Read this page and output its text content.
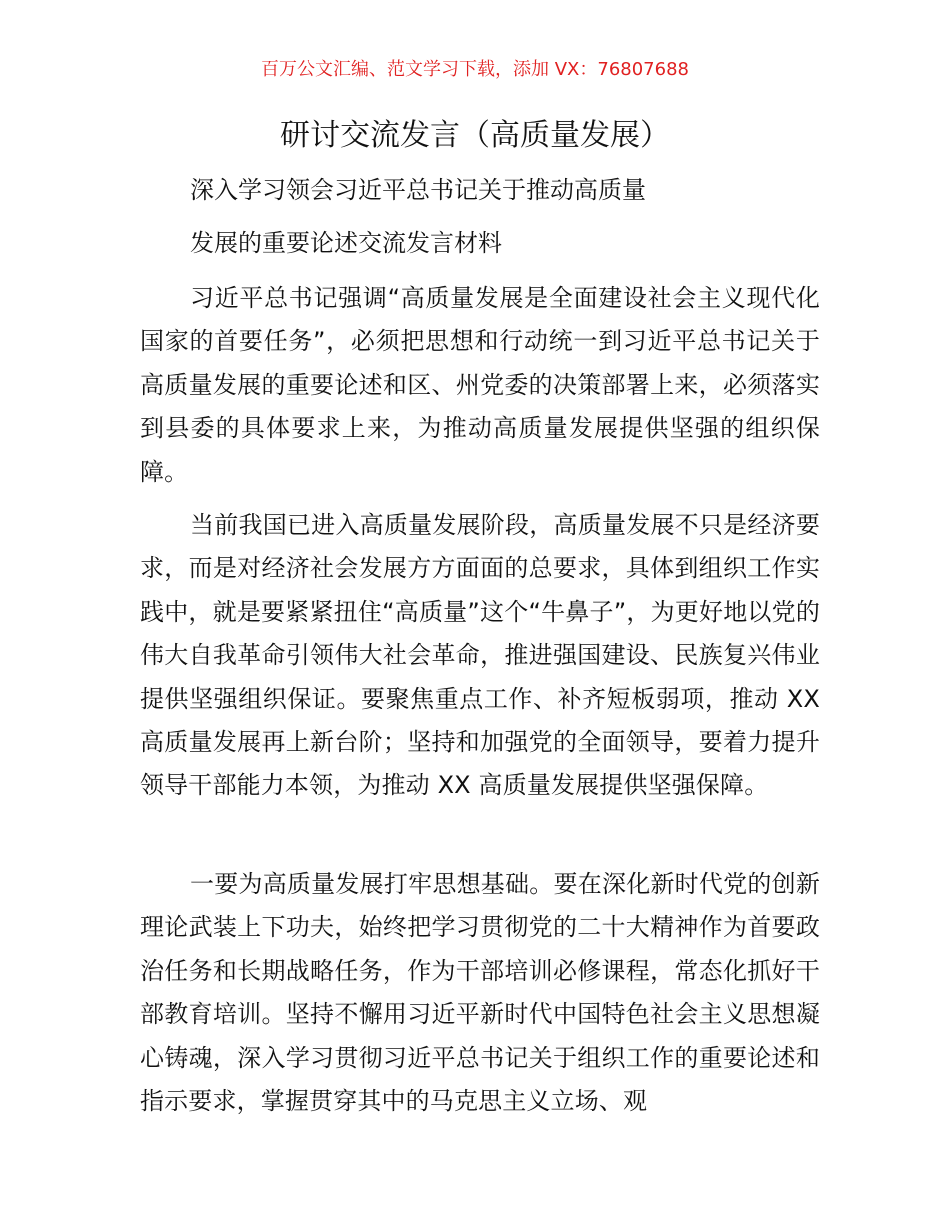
百万公文汇编、范文学习下载，添加 VX：76807688
研讨交流发言（高质量发展）
深入学习领会习近平总书记关于推动高质量
发展的重要论述交流发言材料

习近平总书记强调“高质量发展是全面建设社会主义现代化国家的首要任务”，必须把思想和行动统一到习近平总书记关于高质量发展的重要论述和区、州党委的决策部署上来，必须落实到县委的具体要求上来，为推动高质量发展提供坚强的组织保障。

当前我国已进入高质量发展阶段，高质量发展不只是经济要求，而是对经济社会发展方方面面的总要求，具体到组织工作实践中，就是要紧紧扭住“高质量”这个“牛鼻子”，为更好地以党的伟大自我革命引领伟大社会革命，推进强国建设、民族复兴伟业提供坚强组织保证。要聚焦重点工作、补齐短板弱项，推动 XX 高质量发展再上新台阶；坚持和加强党的全面领导，要着力提升领导干部能力本领，为推动 XX 高质量发展提供坚强保障。

一要为高质量发展打牢思想基础。要在深化新时代党的创新理论武装上下功夫，始终把学习贯彻党的二十大精神作为首要政治任务和长期战略任务，作为干部培训必修课程，常态化抓好干部教育培训。坚持不懈用习近平新时代中国特色社会主义思想凝心铸魂，深入学习贯彻习近平总书记关于组织工作的重要论述和指示要求，掌握贯穿其中的马克思主义立场、观
